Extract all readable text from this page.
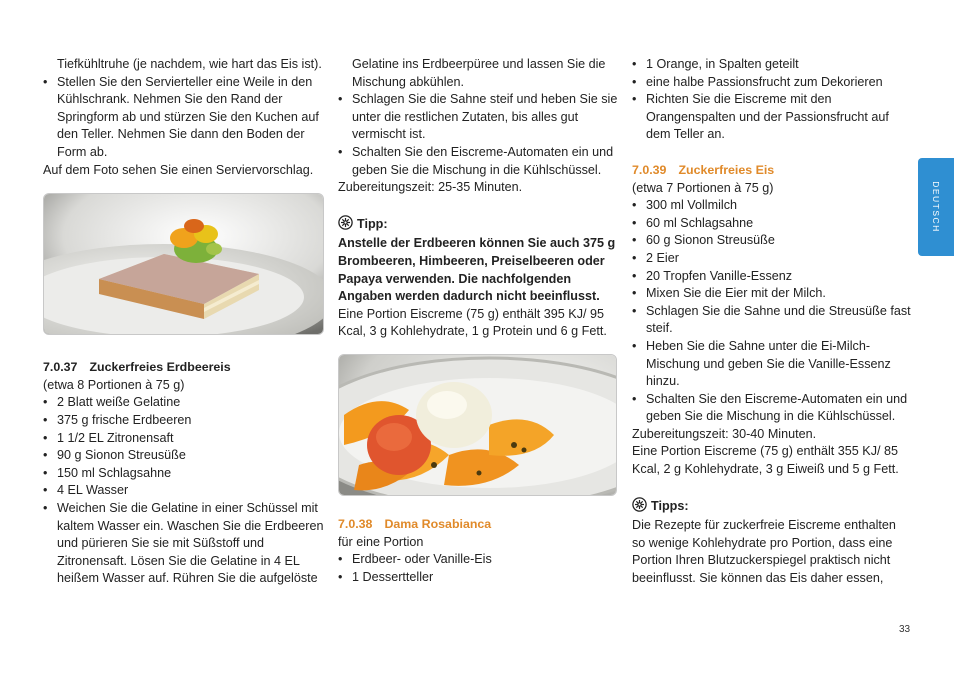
Tiefkühltruhe (je nachdem, wie hart das Eis ist).

• Stellen Sie den Servierteller eine Weile in den Kühlschrank. Nehmen Sie den Rand der Springform ab und stürzen Sie den Kuchen auf den Teller. Nehmen Sie dann den Boden der Form ab.

Auf dem Foto sehen Sie einen Serviervorschlag.

7.0.37 Zuckerfreies Erdbeereis

(etwa 8 Portionen à 75 g)

• 2 Blatt weiße Gelatine
• 375 g frische Erdbeeren
• 1 1/2 EL Zitronensaft
• 90 g Sionon Streusüße
• 150 ml Schlagsahne
• 4 EL Wasser
• Weichen Sie die Gelatine in einer Schüssel mit kaltem Wasser ein. Waschen Sie die Erdbeeren und pürieren Sie sie mit Süßstoff und Zitronensaft. Lösen Sie die Gelatine in 4 EL heißem Wasser auf. Rühren Sie die aufgelöste

Gelatine ins Erdbeerpüree und lassen Sie die Mischung abkühlen.

• Schlagen Sie die Sahne steif und heben Sie sie unter die restlichen Zutaten, bis alles gut vermischt ist.
• Schalten Sie den Eiscreme-Automaten ein und geben Sie die Mischung in die Kühlschüssel.

Zubereitungszeit: 25-35 Minuten.

Tipp:

Anstelle der Erdbeeren können Sie auch 375 g Brombeeren, Himbeeren, Preiselbeeren oder Papaya verwenden. Die nachfolgenden Angaben werden dadurch nicht beeinflusst.

Eine Portion Eiscreme (75 g) enthält 395 KJ/ 95 Kcal, 3 g Kohlehydrate, 1 g Protein und 6 g Fett.

7.0.38 Dama Rosabianca

für eine Portion

• Erdbeer- oder Vanille-Eis
• 1 Dessertteller
• 1 Orange, in Spalten geteilt
• eine halbe Passionsfrucht zum Dekorieren
• Richten Sie die Eiscreme mit den Orangenspalten und der Passionsfrucht auf dem Teller an.
7.0.39 Zuckerfreies Eis

(etwa 7 Portionen à 75 g)

• 300 ml Vollmilch
• 60 ml Schlagsahne
• 60 g Sionon Streusüße
• 2 Eier
• 20 Tropfen Vanille-Essenz
• Mixen Sie die Eier mit der Milch.
• Schlagen Sie die Sahne und die Streusüße fast steif.
• Heben Sie die Sahne unter die Ei-Milch-Mischung und geben Sie die Vanille-Essenz hinzu.
• Schalten Sie den Eiscreme-Automaten ein und geben Sie die Mischung in die Kühlschüssel.

Zubereitungszeit: 30-40 Minuten.

Eine Portion Eiscreme (75 g) enthält 355 KJ/ 85 Kcal, 2 g Kohlehydrate, 3 g Eiweiß und 5 g Fett.

Tipps:

Die Rezepte für zuckerfreie Eiscreme enthalten so wenige Kohlehydrate pro Portion, dass eine Portion Ihren Blutzuckerspiegel praktisch nicht beeinflusst. Sie können das Eis daher essen,

DEUTSCH
33
